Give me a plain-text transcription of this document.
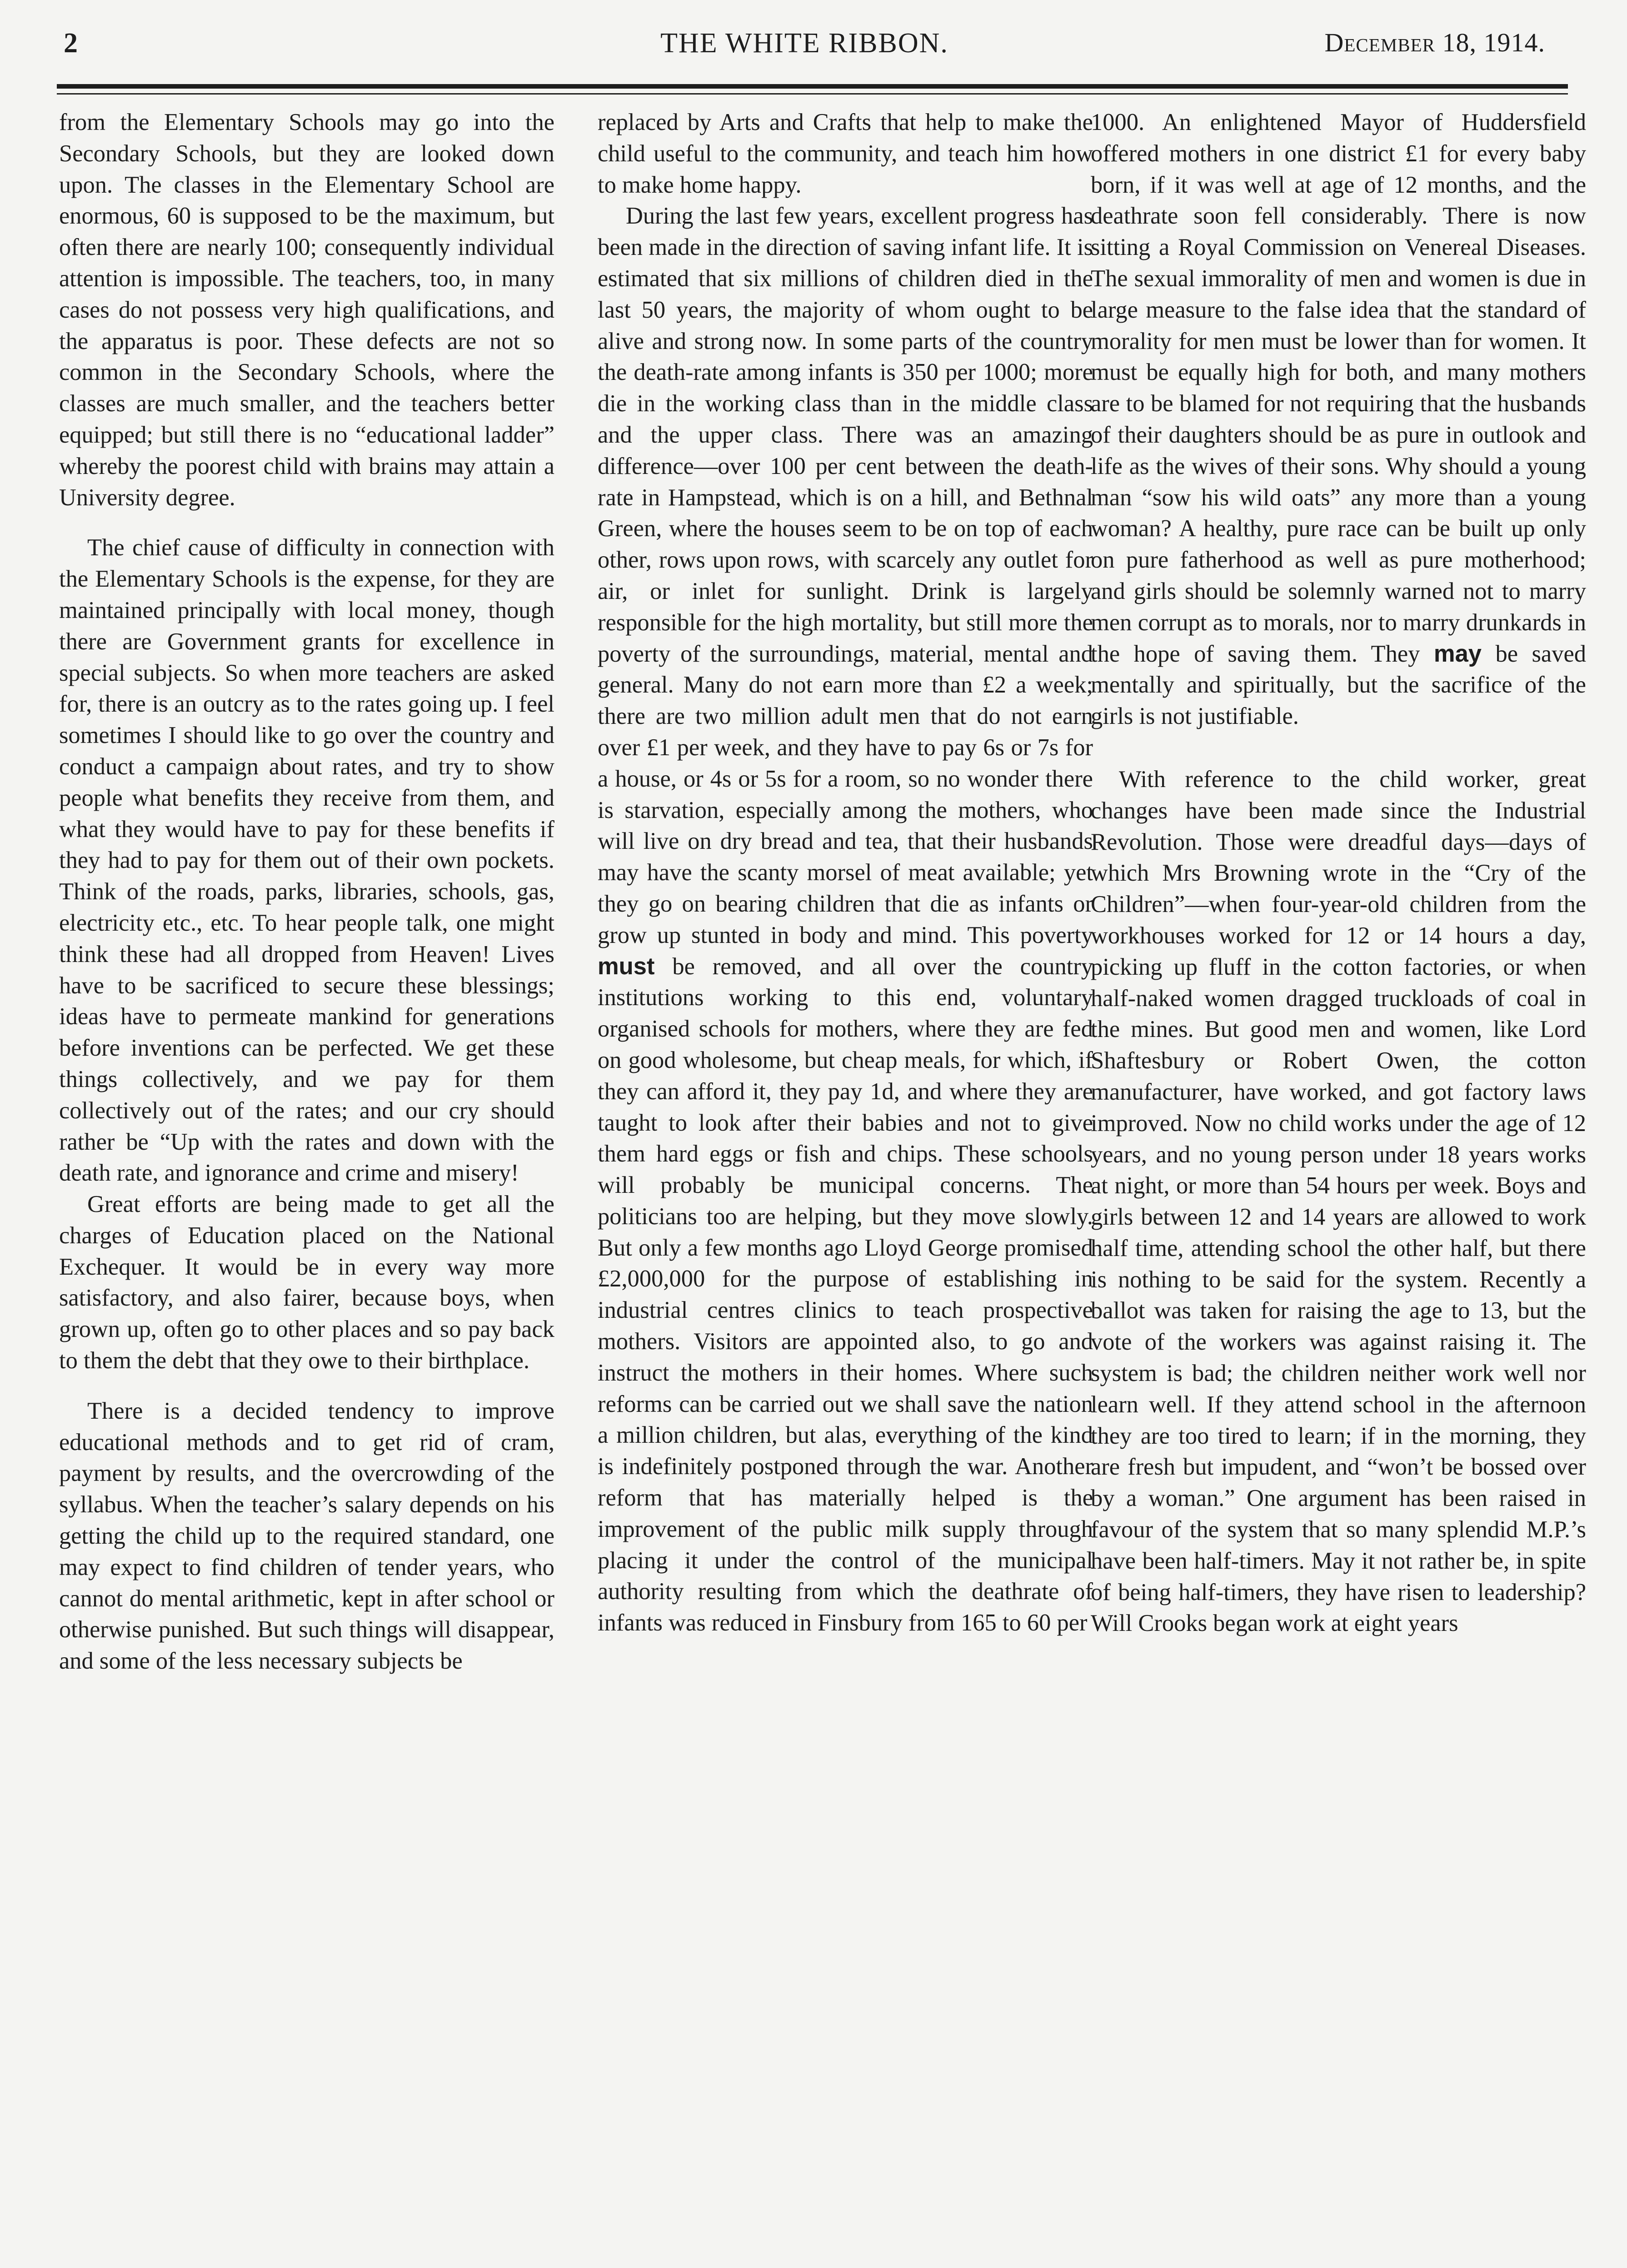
2	THE WHITE RIBBON.	December 18, 1914.

from the Elementary Schools may go into the Secondary Schools, but they are looked down upon. The classes in the Elementary School are enormous, 60 is supposed to be the maximum, but often there are nearly 100; consequently individual attention is impossible. The teachers, too, in many cases do not possess very high qualifications, and the apparatus is poor. These defects are not so common in the Secondary Schools, where the classes are much smaller, and the teachers better equipped; but still there is no “educational ladder” whereby the poorest child with brains may attain a University degree.

The chief cause of difficulty in connection with the Elementary Schools is the expense, for they are maintained principally with local money, though there are Government grants for excellence in special subjects. So when more teachers are asked for, there is an outcry as to the rates going up. I feel sometimes I should like to go over the country and conduct a campaign about rates, and try to show people what benefits they receive from them, and what they would have to pay for these benefits if they had to pay for them out of their own pockets. Think of the roads, parks, libraries, schools, gas, electricity etc., etc. To hear people talk, one might think these had all dropped from Heaven! Lives have to be sacrificed to secure these blessings; ideas have to permeate mankind for generations before inventions can be perfected. We get these things collectively, and we pay for them collectively out of the rates; and our cry should rather be “Up with the rates and down with the death rate, and ignorance and crime and misery!

Great efforts are being made to get all the charges of Education placed on the National Exchequer. It would be in every way more satisfactory, and also fairer, because boys, when grown up, often go to other places and so pay back to them the debt that they owe to their birthplace.

There is a decided tendency to improve educational methods and to get rid of cram, payment by results, and the overcrowding of the syllabus. When the teacher’s salary depends on his getting the child up to the required standard, one may expect to find children of tender years, who cannot do mental arithmetic, kept in after school or otherwise punished. But such things will disappear, and some of the less necessary subjects be

replaced by Arts and Crafts that help to make the child useful to the community, and teach him how to make home happy.

During the last few years, excellent progress has been made in the direction of saving infant life. It is estimated that six millions of children died in the last 50 years, the majority of whom ought to be alive and strong now. In some parts of the country the death-rate among infants is 350 per 1000; more die in the working class than in the middle class and the upper class. There was an amazing difference—over 100 per cent between the death-rate in Hampstead, which is on a hill, and Bethnal Green, where the houses seem to be on top of each other, rows upon rows, with scarcely any outlet for air, or inlet for sunlight. Drink is largely responsible for the high mortality, but still more the poverty of the surroundings, material, mental and general. Many do not earn more than £2 a week; there are two million adult men that do not earn over £1 per week, and they have to pay 6s or 7s for a house, or 4s or 5s for a room, so no wonder there is starvation, especially among the mothers, who will live on dry bread and tea, that their husbands may have the scanty morsel of meat available; yet they go on bearing children that die as infants or grow up stunted in body and mind. This poverty must be removed, and all over the country institutions working to this end, voluntary organised schools for mothers, where they are fed on good wholesome, but cheap meals, for which, if they can afford it, they pay 1d, and where they are taught to look after their babies and not to give them hard eggs or fish and chips. These schools will probably be municipal concerns. The politicians too are helping, but they move slowly. But only a few months ago Lloyd George promised £2,000,000 for the purpose of establishing in industrial centres clinics to teach prospective mothers. Visitors are appointed also, to go and instruct the mothers in their homes. Where such reforms can be carried out we shall save the nation a million children, but alas, everything of the kind is indefinitely postponed through the war. Another reform that has materially helped is the improvement of the public milk supply through placing it under the control of the municipal authority resulting from which the deathrate of infants was reduced in Finsbury from 165 to 60 per

1000. An enlightened Mayor of Huddersfield offered mothers in one district £1 for every baby born, if it was well at age of 12 months, and the deathrate soon fell considerably. There is now sitting a Royal Commission on Venereal Diseases. The sexual immorality of men and women is due in large measure to the false idea that the standard of morality for men must be lower than for women. It must be equally high for both, and many mothers are to be blamed for not requiring that the husbands of their daughters should be as pure in outlook and life as the wives of their sons. Why should a young man “sow his wild oats” any more than a young woman? A healthy, pure race can be built up only on pure fatherhood as well as pure motherhood; and girls should be solemnly warned not to marry men corrupt as to morals, nor to marry drunkards in the hope of saving them. They may be saved mentally and spiritually, but the sacrifice of the girls is not justifiable.

With reference to the child worker, great changes have been made since the Industrial Revolution. Those were dreadful days—days of which Mrs Browning wrote in the “Cry of the Children”—when four-year-old children from the workhouses worked for 12 or 14 hours a day, picking up fluff in the cotton factories, or when half-naked women dragged truckloads of coal in the mines. But good men and women, like Lord Shaftesbury or Robert Owen, the cotton manufacturer, have worked, and got factory laws improved. Now no child works under the age of 12 years, and no young person under 18 years works at night, or more than 54 hours per week. Boys and girls between 12 and 14 years are allowed to work half time, attending school the other half, but there is nothing to be said for the system. Recently a ballot was taken for raising the age to 13, but the vote of the workers was against raising it. The system is bad; the children neither work well nor learn well. If they attend school in the afternoon they are too tired to learn; if in the morning, they are fresh but impudent, and “won’t be bossed over by a woman.” One argument has been raised in favour of the system that so many splendid M.P.’s have been half-timers. May it not rather be, in spite of being half-timers, they have risen to leadership? Will Crooks began work at eight years
